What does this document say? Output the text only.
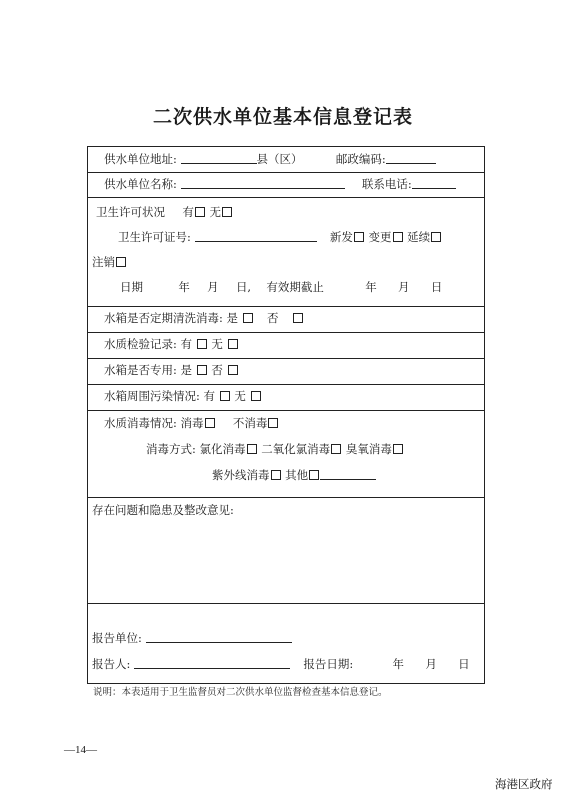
二次供水单位基本信息登记表
供水单位地址:	县（区）	邮政编码:
供水单位名称:	联系电话:
卫生许可状况 有 无
卫生许可证号:	新发 变更 延续
注销
日期	年 月 日, 有效期截止	年 月 日
水箱是否定期清洗消毒: 是	否
水质检验记录: 有 无
水箱是否专用: 是 否
水箱周围污染情况: 有 无
水质消毒情况: 消毒	不消毒
消毒方式: 氯化消毒 二氧化氯消毒 臭氧消毒
紫外线消毒 其他
存在问题和隐患及整改意见:
报告单位:
报告人:	报告日期:	年 月 日
说明：本表适用于卫生监督员对二次供水单位监督检查基本信息登记。
—14—
海港区政府
